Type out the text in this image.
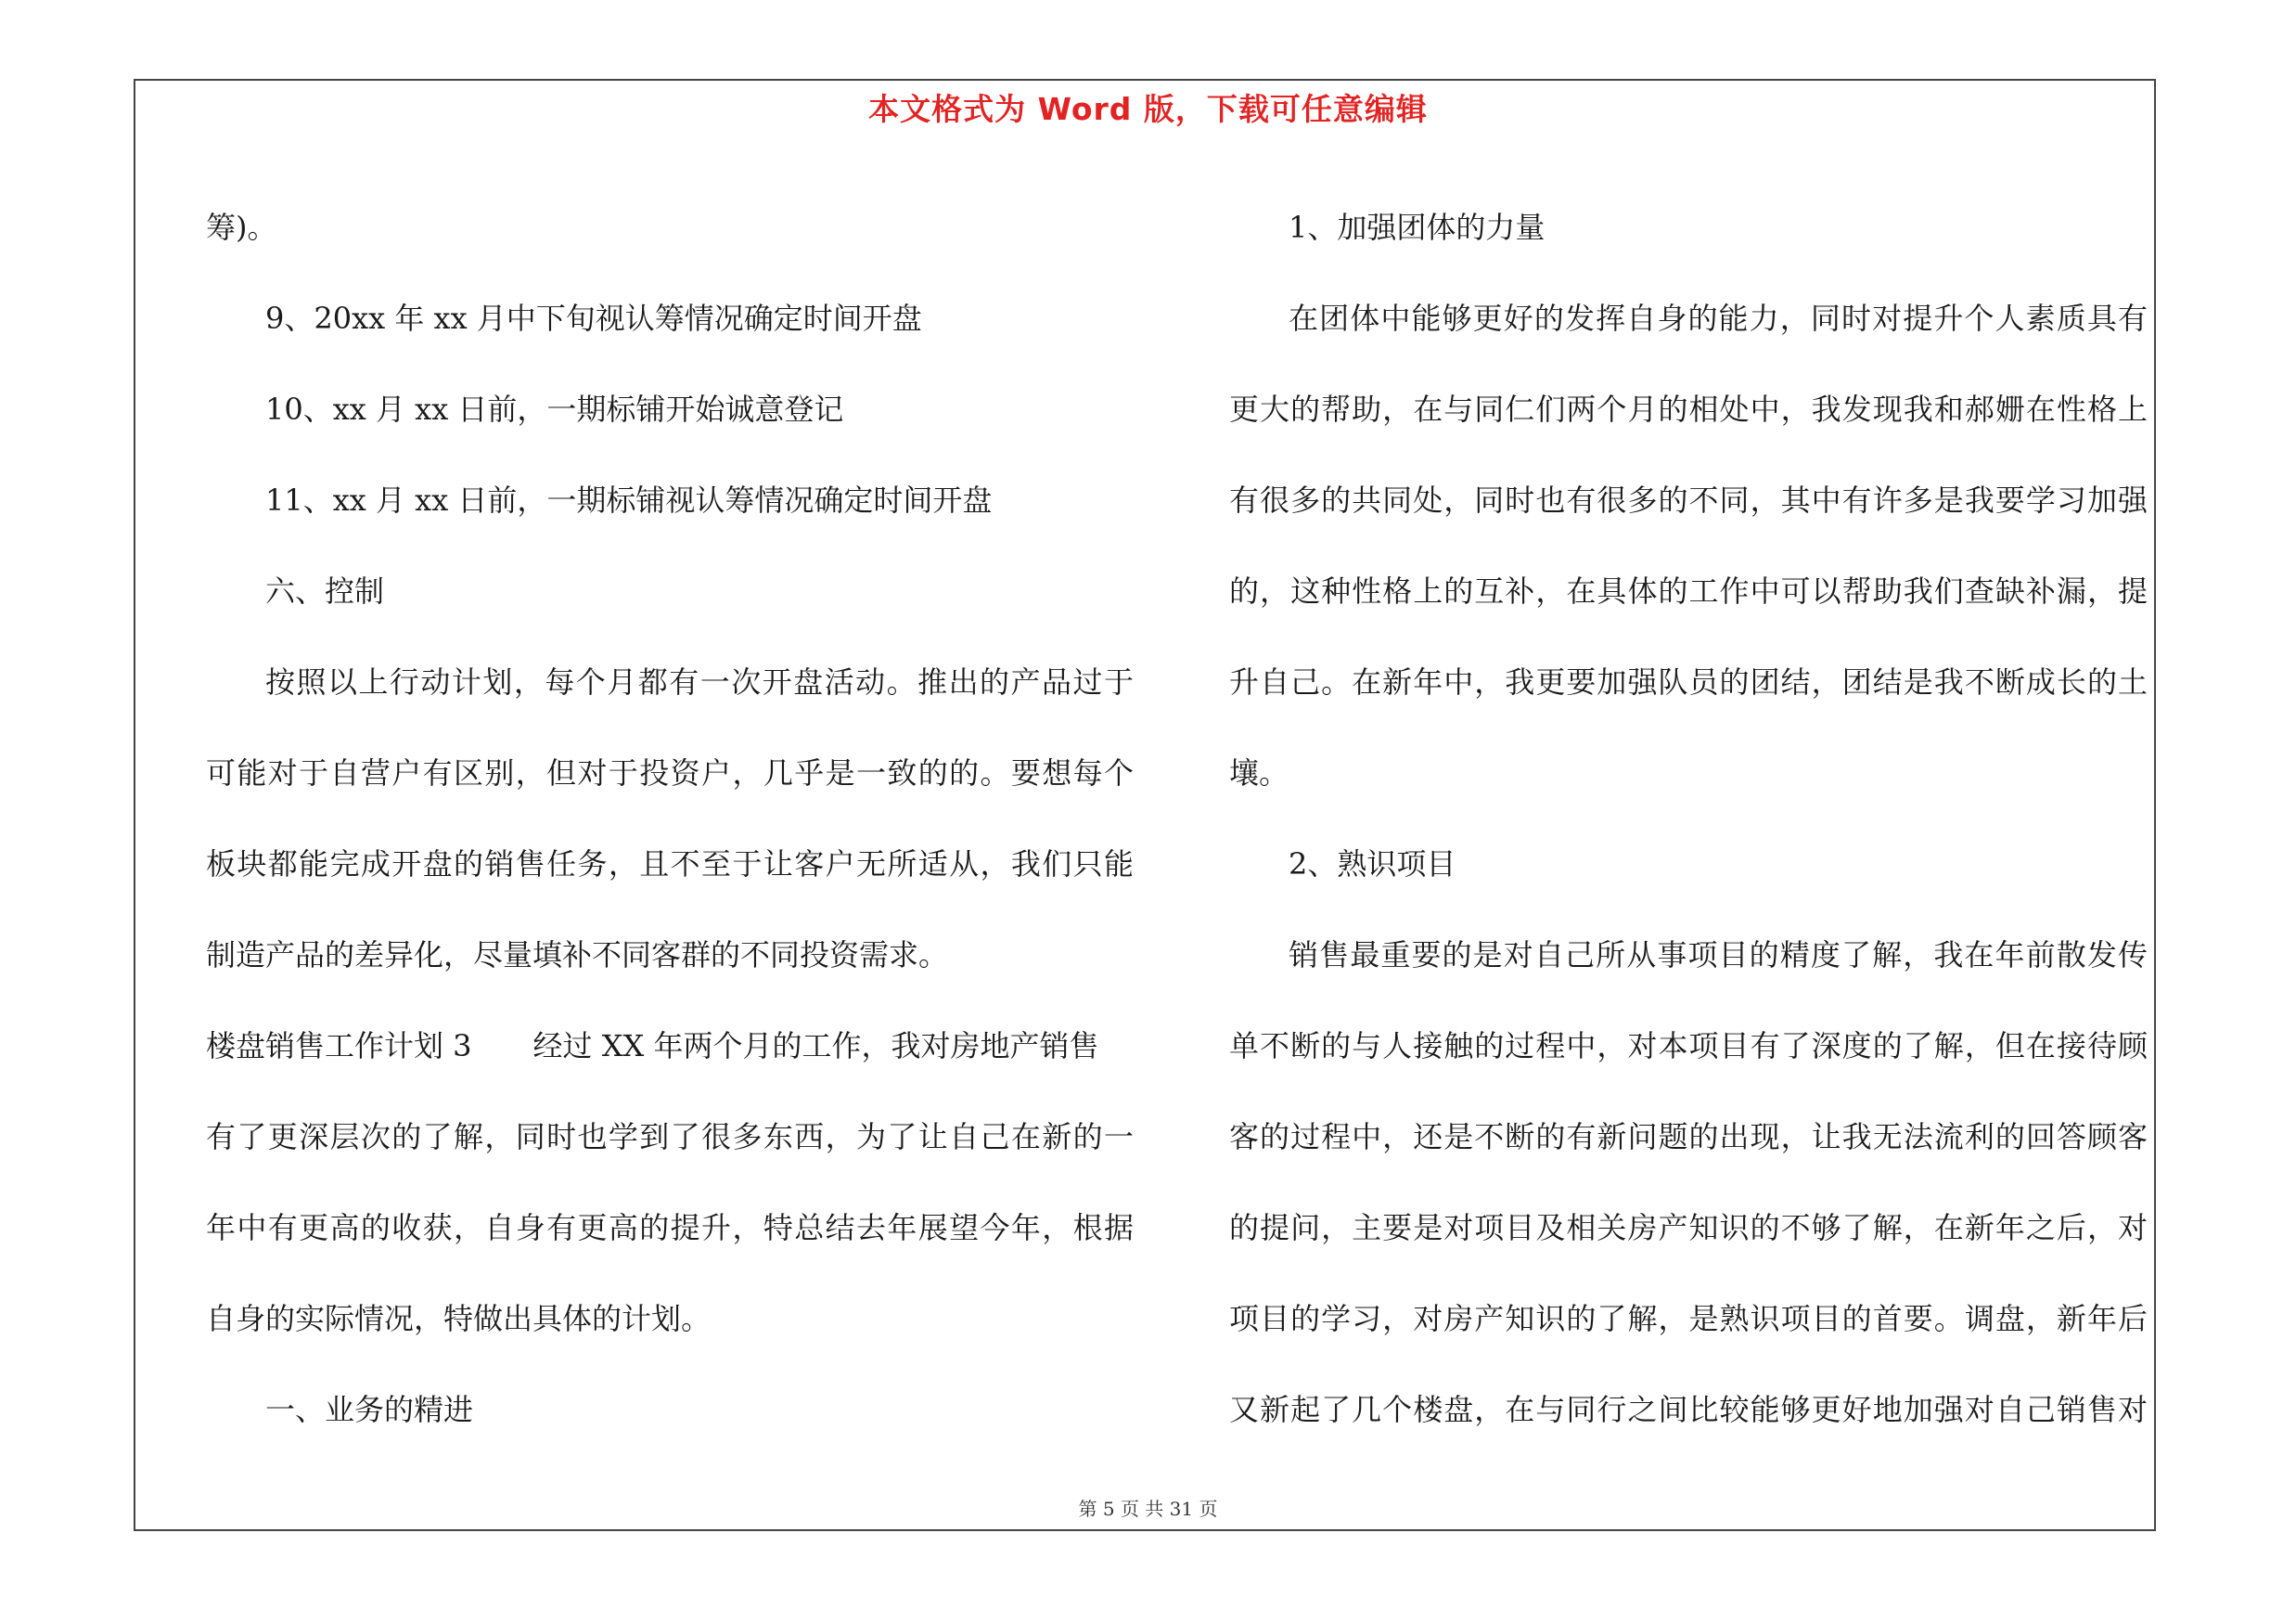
本文格式为 Word 版，下载可任意编辑

筹)。

9、20xx 年 xx 月中下旬视认筹情况确定时间开盘

10、xx 月 xx 日前，一期标铺开始诚意登记

11、xx 月 xx 日前，一期标铺视认筹情况确定时间开盘

六、控制

按照以上行动计划，每个月都有一次开盘活动。推出的产品过于

可能对于自营户有区别，但对于投资户，几乎是一致的的。要想每个

板块都能完成开盘的销售任务，且不至于让客户无所适从，我们只能

制造产品的差异化，尽量填补不同客群的不同投资需求。

楼盘销售工作计划 3 经过 XX 年两个月的工作，我对房地产销售

有了更深层次的了解，同时也学到了很多东西，为了让自己在新的一

年中有更高的收获，自身有更高的提升，特总结去年展望今年，根据

自身的实际情况，特做出具体的计划。

一、业务的精进

1、加强团体的力量

在团体中能够更好的发挥自身的能力，同时对提升个人素质具有

更大的帮助，在与同仁们两个月的相处中，我发现我和郝姗在性格上

有很多的共同处，同时也有很多的不同，其中有许多是我要学习加强

的，这种性格上的互补，在具体的工作中可以帮助我们查缺补漏，提

升自己。在新年中，我更要加强队员的团结，团结是我不断成长的土

壤。

2、熟识项目

销售最重要的是对自己所从事项目的精度了解，我在年前散发传

单不断的与人接触的过程中，对本项目有了深度的了解，但在接待顾

客的过程中，还是不断的有新问题的出现，让我无法流利的回答顾客

的提问，主要是对项目及相关房产知识的不够了解，在新年之后，对

项目的学习，对房产知识的了解，是熟识项目的首要。调盘，新年后

又新起了几个楼盘，在与同行之间比较能够更好地加强对自己销售对

第 5 页 共 31 页
